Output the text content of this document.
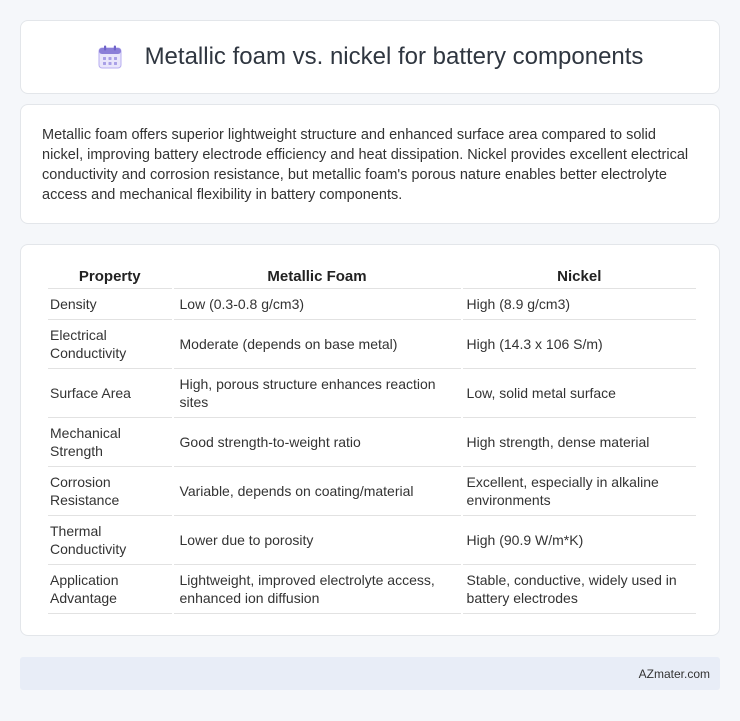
Metallic foam vs. nickel for battery components

Metallic foam offers superior lightweight structure and enhanced surface area compared to solid nickel, improving battery electrode efficiency and heat dissipation. Nickel provides excellent electrical conductivity and corrosion resistance, but metallic foam's porous nature enables better electrolyte access and mechanical flexibility in battery components.

Property	Metallic Foam	Nickel
Density	Low (0.3-0.8 g/cm3)	High (8.9 g/cm3)
Electrical Conductivity	Moderate (depends on base metal)	High (14.3 x 106 S/m)
Surface Area	High, porous structure enhances reaction sites	Low, solid metal surface
Mechanical Strength	Good strength-to-weight ratio	High strength, dense material
Corrosion Resistance	Variable, depends on coating/material	Excellent, especially in alkaline environments
Thermal Conductivity	Lower due to porosity	High (90.9 W/m*K)
Application Advantage	Lightweight, improved electrolyte access, enhanced ion diffusion	Stable, conductive, widely used in battery electrodes
AZmater.com
